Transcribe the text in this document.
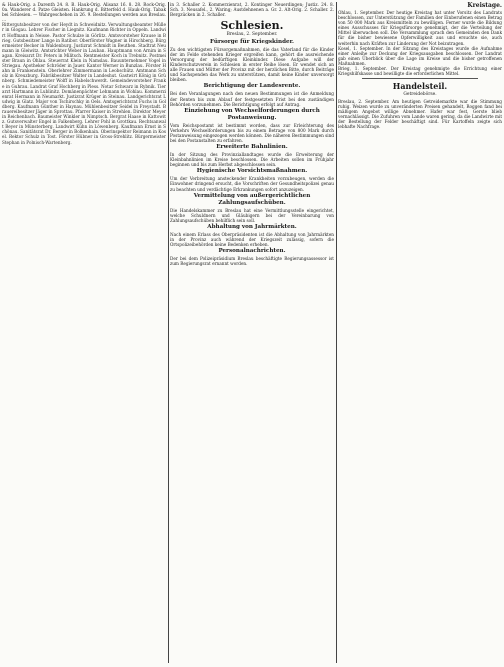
& Hauk-Orig. a Darenth 24. 8. B. Hauk-Orig. Alisanz 16. 8. 28. Rock-Orig. 0a. Wanderer d. Patze Gleisten. Hankrung d. Bitterfeld d. Hauk-Orig. Tabak bei Schlesien. — Wahrgeschehen in 26. 9. Bestellungen werden aus Breslau. ...

Rittergutsbesitzer von der Heydt in Schweidnitz. Verwaltungsbeamter Müller in Glogau. Lehrer Fischer in Liegnitz. Kaufmann Richter in Oppeln. Landwirt Hoffmann in Neisse. Pastor Schulze in Görlitz. Amtsvorsteher Krause in Brieg. Gutsbesitzer Lange in Ratibor. Oberförster Wagner in Hirschberg. Bürgermeister Becker in Waldenburg. Justizrat Schmidt in Beuthen. Stadtrat Neumann in Gleiwitz. Amtsrichter Weber in Lauban. Hauptmann von Arnim in Sagan. Kreisarzt Dr. Peters in Militsch. Rentmeister Koch in Trebnitz. Postmeister Braun in Ohlau. Steuerrat Klein in Namslau. Bauunternehmer Vogel in Striegau. Apotheker Schröder in Jauer. Kantor Werner in Bunzlau. Förster Hahn in Frankenstein. Oberlehrer Zimmermann in Leobschütz. Amtmann Scholz in Kreuzburg. Fabrikbesitzer Walter in Landeshut. Gastwirt König in Grünberg. Schmiedemeister Wolff in Habelschwerdt. Gemeindevorsteher Franke in Guhrau. Landrat Graf Hochberg in Pless. Notar Schwarz in Rybnik. Tierarzt Hartmann in Lublinitz. Domänenpächter Lehmann in Wohlau. Kommerzienrat Hermann in Neumarkt. Justizrat Krüger in Steinau. Landgerichtsrat Ludwig in Glatz. Major von Tschirschky in Oels. Amtsgerichtsrat Fuchs in Goldberg. Kaufmann Günther in Haynau. Mühlenbesitzer Seidel in Freystadt. Brauereibesitzer Jäger in Sprottau. Pfarrer Kaiser in Strehlen. Direktor Meyer in Reichenbach. Baumeister Winkler in Nimptsch. Bergrat Haase in Kattowitz. Gutsverwalter Engel in Falkenberg. Lehrer Pohl in Grottkau. Rechtsanwalt Beyer in Münsterberg. Landwirt Kühn in Löwenberg. Kaufmann Ernst in Schönau. Sanitätsrat Dr. Berger in Bolkenhain. Oberinspektor Reimann in Kosel. Rektor Schulz in Tost. Förster Hübner in Gross-Strehlitz. Bürgermeister Stephan in Polnisch-Wartenberg.

in 3. Schaller 2. Kommerzienrat, 2. Kontinger Neuerdingen; Justiz. 24. 8. Sch. 3. Neusafel., 2. Waring; Austdehnenen a. Gr. 2. Alt-Orig. 2. Schaller. 2. Bergzücken in 2. Schaller.

Schlesien.

Breslau, 2. September.

Fürsorge für Kriegskinder.

Zu den wichtigsten Fürsorgemaßnahmen, die das Vaterland für die Kinder der im Felde stehenden Krieger ergreifen kann, gehört die ausreichende Versorgung der bedürftigen Kleinkinder. Diese Aufgabe will der Kinderschutzverein in Schlesien in erster Reihe lösen. Er wendet sich an alle Frauen und Mütter der Provinz mit der herzlichen Bitte, durch Beiträge und Sachspenden das Werk zu unterstützen, damit keine Kinder unversorgt bleiben.

Berichtigung der Landesrente.

Bei den Veranlagungen nach den neuen Bestimmungen ist die Anmeldung der Renten bis zum Ablauf der festgesetzten Frist bei den zuständigen Behörden vorzunehmen. Die Berichtigung erfolgt auf Antrag.

Einziehung von Wechselforderungen durch Postanweisung.

Vom Reichspostamt ist bestimmt worden, dass zur Erleichterung des Verkehrs Wechselforderungen bis zu einem Betrage von 800 Mark durch Postanweisung eingezogen werden können. Die näheren Bestimmungen sind bei den Postanstalten zu erfahren.

Erweiterte Bahnlinien.

In der Sitzung des Provinziallandtages wurde die Erweiterung der Kleinbahnlinien im Kreise beschlossen. Die Arbeiten sollen im Frühjahr beginnen und bis zum Herbst abgeschlossen sein.

Hygienische Vorsichtsmaßnahmen.

Um der Verbreitung ansteckender Krankheiten vorzubeugen, werden die Einwohner dringend ersucht, die Vorschriften der Gesundheitspolizei genau zu beachten und verdächtige Erkrankungen sofort anzuzeigen.

Vermittelung von außergerichtlichen Zahlungsaufschüben.

Die Handelskammer zu Breslau hat eine Vermittlungsstelle eingerichtet, welche Schuldnern und Gläubigern bei der Vereinbarung von Zahlungsaufschüben behilflich sein soll.

Abhaltung von Jahrmärkten.

Nach einem Erlass des Oberpräsidenten ist die Abhaltung von Jahrmärkten in der Provinz auch während der Kriegszeit zulässig, sofern die Ortspolizeibehörden keine Bedenken erheben.

Personalnachrichten.

Der bei dem Polizeipräsidium Breslau beschäftigte Regierungsassessor ist zum Regierungsrat ernannt worden.

Kreistage.

Ohlau, 1. September. Der heutige Kreistag hat unter Vorsitz des Landrats beschlossen, zur Unterstützung der Familien der Einberufenen einen Betrag von 50 000 Mark aus Kreismitteln zu bewilligen. Ferner wurde die Bildung eines Ausschusses für Kriegsfürsorge genehmigt, der die Verteilung der Mittel überwachen soll. Die Versammlung sprach den Gemeinden den Dank für die bisher bewiesene Opferwilligkeit aus und ersuchte sie, auch weiterhin nach Kräften zur Linderung der Not beizutragen.

Kosel, 1. September. In der Sitzung des Kreistages wurde die Aufnahme einer Anleihe zur Deckung der Kriegsausgaben beschlossen. Der Landrat gab einen Überblick über die Lage im Kreise und die bisher getroffenen Maßnahmen.

Brieg, 1. September. Der Kreistag genehmigte die Errichtung einer Kriegshilfskasse und bewilligte die erforderlichen Mittel.

Handelsteil.

Getreidebörse.

Breslau, 2. September. Am heutigen Getreidemarkte war die Stimmung ruhig. Weizen wurde zu unveränderten Preisen gehandelt, Roggen fand bei mäßigem Angebot willige Abnehmer. Hafer war fest, Gerste blieb vernachlässigt. Die Zufuhren vom Lande waren gering, da die Landwirte mit der Bestellung der Felder beschäftigt sind. Für Kartoffeln zeigte sich lebhafte Nachfrage.
